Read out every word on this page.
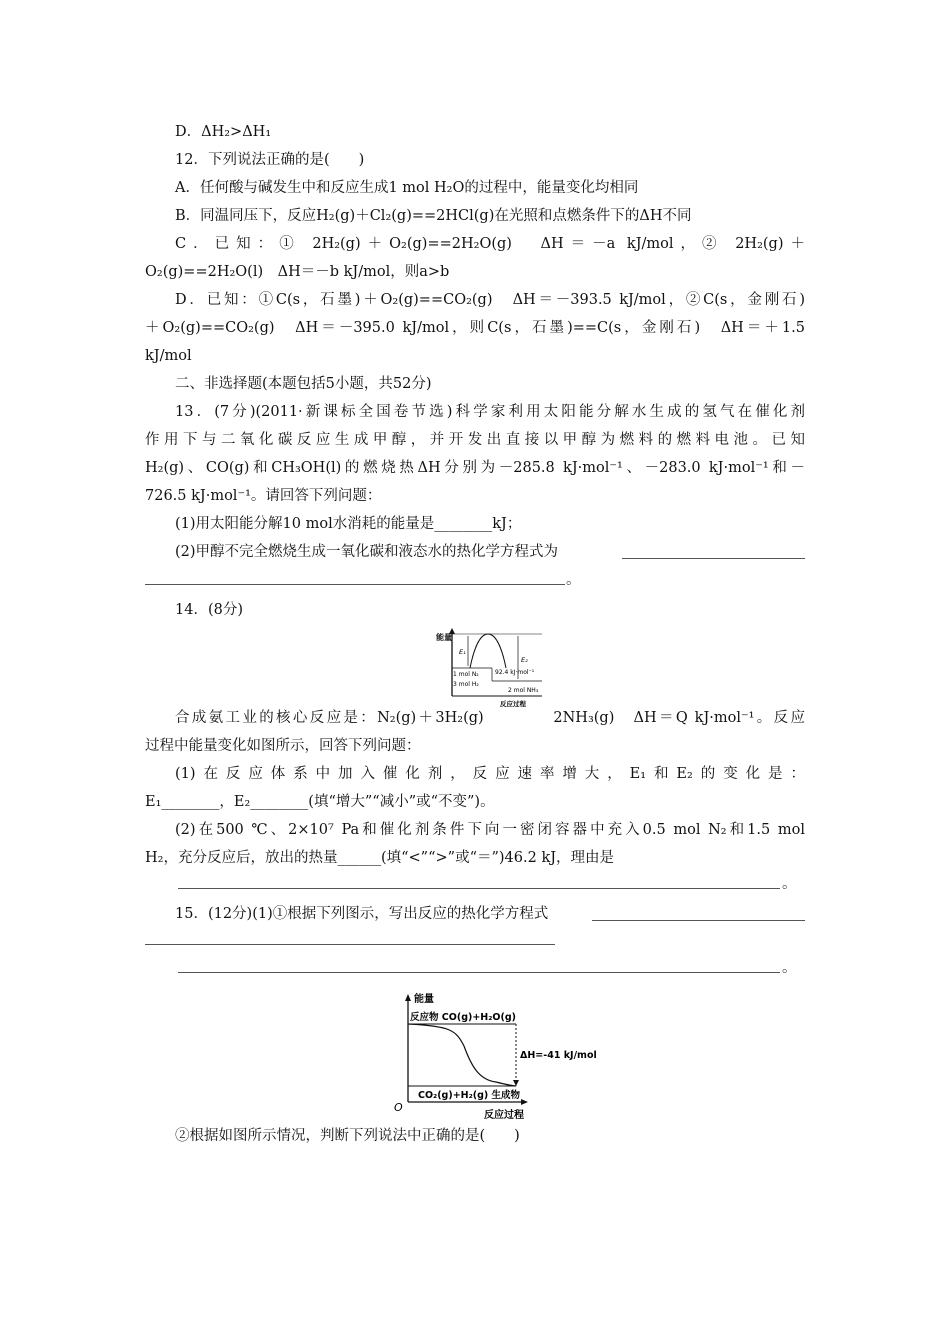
D．ΔH₂>ΔH₁
12．下列说法正确的是(　　)
A．任何酸与碱发生中和反应生成1 mol H₂O的过程中，能量变化均相同
B．同温同压下，反应H₂(g)＋Cl₂(g)==2HCl(g)在光照和点燃条件下的ΔH不同
C．已知：① 2H₂(g)＋O₂(g)==2H₂O(g)　ΔH＝－a kJ/mol，② 2H₂(g)＋
O₂(g)==2H₂O(l)　ΔH＝－b kJ/mol，则a>b
D．已知：①C(s，石墨)＋O₂(g)==CO₂(g)　ΔH＝－393.5 kJ/mol，②C(s，金刚石)
＋O₂(g)==CO₂(g)　ΔH＝－395.0 kJ/mol，则C(s，石墨)==C(s，金刚石)　ΔH＝＋1.5
kJ/mol
二、非选择题(本题包括5小题，共52分)
13．(7分)(2011·新课标全国卷节选)科学家利用太阳能分解水生成的氢气在催化剂
作用下与二氧化碳反应生成甲醇，并开发出直接以甲醇为燃料的燃料电池。已知
H₂(g)、CO(g)和CH₃OH(l)的燃烧热ΔH分别为－285.8 kJ·mol⁻¹、－283.0 kJ·mol⁻¹和－
726.5 kJ·mol⁻¹。请回答下列问题：
(1)用太阳能分解10 mol水消耗的能量是________kJ；
(2)甲醇不完全燃烧生成一氧化碳和液态水的热化学方程式为
。
14．(8分)
能量
E₁
E₂
1 mol N₂
3 mol H₂
92.4 kJ·mol⁻¹
2 mol NH₃
反应过程
合成氨工业的核心反应是：N₂(g)＋3H₂(g)　　　　2NH₃(g)　ΔH＝Q kJ·mol⁻¹。反应
过程中能量变化如图所示，回答下列问题：
(1)在反应体系中加入催化剂，反应速率增大，E₁和E₂的变化是：
E₁________，E₂________(填“增大”“减小”或“不变”)。
(2)在500 ℃、2×10⁷ Pa和催化剂条件下向一密闭容器中充入0.5 mol N₂和1.5 mol
H₂，充分反应后，放出的热量______(填“<”“>”或“＝”)46.2 kJ，理由是
。
15．(12分)(1)①根据下列图示，写出反应的热化学方程式
。
能量
反应物 CO(g)+H₂O(g)
ΔH=-41 kJ/mol
CO₂(g)+H₂(g) 生成物
O
反应过程
②根据如图所示情况，判断下列说法中正确的是(　　)
